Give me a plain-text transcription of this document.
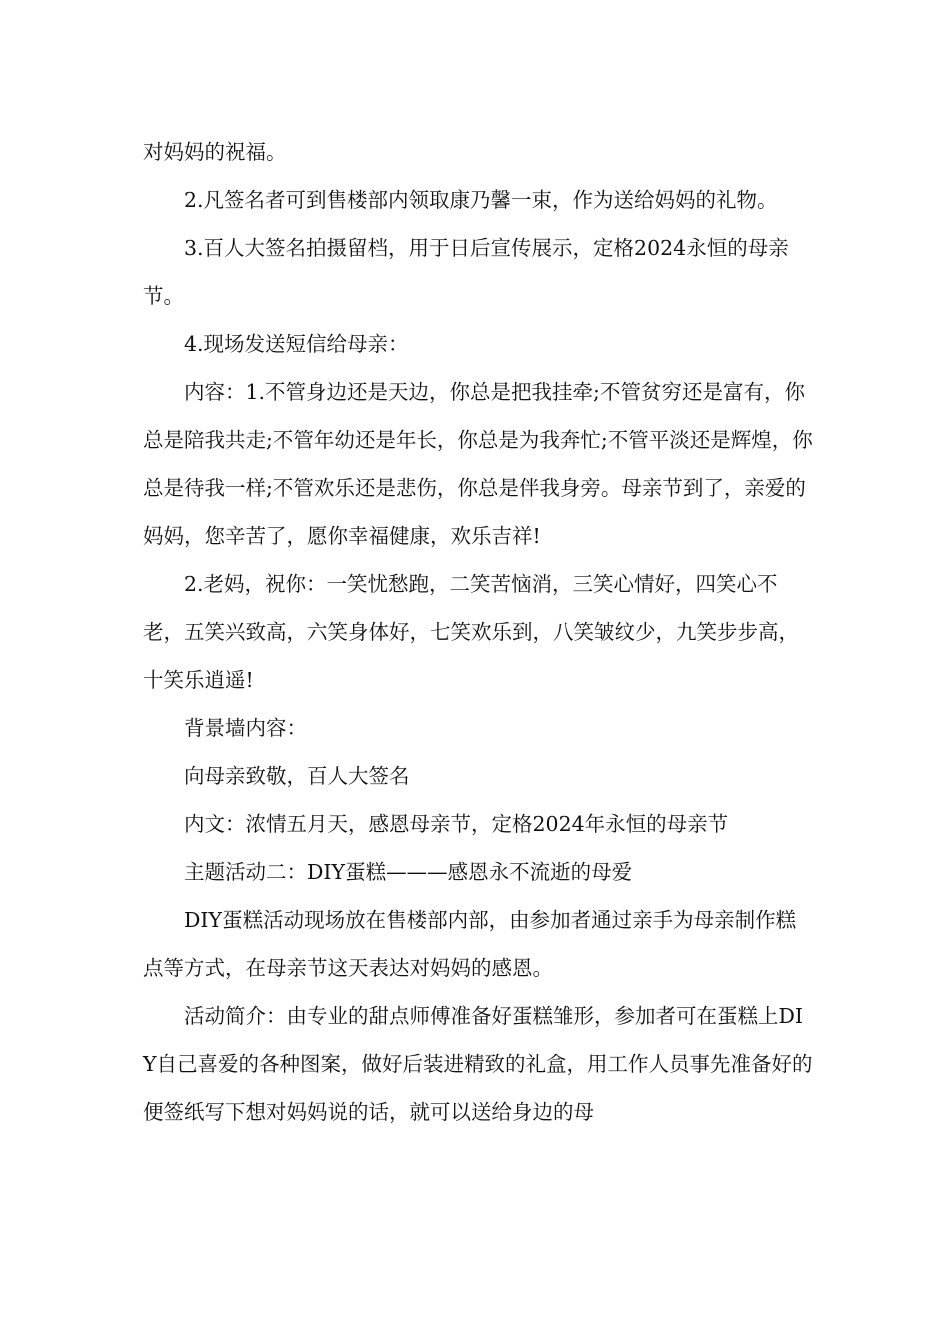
对妈妈的祝福。

2.凡签名者可到售楼部内领取康乃馨一束，作为送给妈妈的礼物。

3.百人大签名拍摄留档，用于日后宣传展示，定格2024永恒的母亲节。

4.现场发送短信给母亲：

内容：1.不管身边还是天边，你总是把我挂牵;不管贫穷还是富有，你总是陪我共走;不管年幼还是年长，你总是为我奔忙;不管平淡还是辉煌，你总是待我一样;不管欢乐还是悲伤，你总是伴我身旁。母亲节到了，亲爱的妈妈，您辛苦了，愿你幸福健康，欢乐吉祥!

2.老妈，祝你：一笑忧愁跑，二笑苦恼消，三笑心情好，四笑心不老，五笑兴致高，六笑身体好，七笑欢乐到，八笑皱纹少，九笑步步高，十笑乐逍遥!

背景墙内容：

向母亲致敬，百人大签名

内文：浓情五月天，感恩母亲节，定格2024年永恒的母亲节

主题活动二：DIY蛋糕———感恩永不流逝的母爱

DIY蛋糕活动现场放在售楼部内部，由参加者通过亲手为母亲制作糕点等方式，在母亲节这天表达对妈妈的感恩。

活动简介：由专业的甜点师傅准备好蛋糕雏形，参加者可在蛋糕上DIY自己喜爱的各种图案，做好后装进精致的礼盒，用工作人员事先准备好的便签纸写下想对妈妈说的话，就可以送给身边的母
